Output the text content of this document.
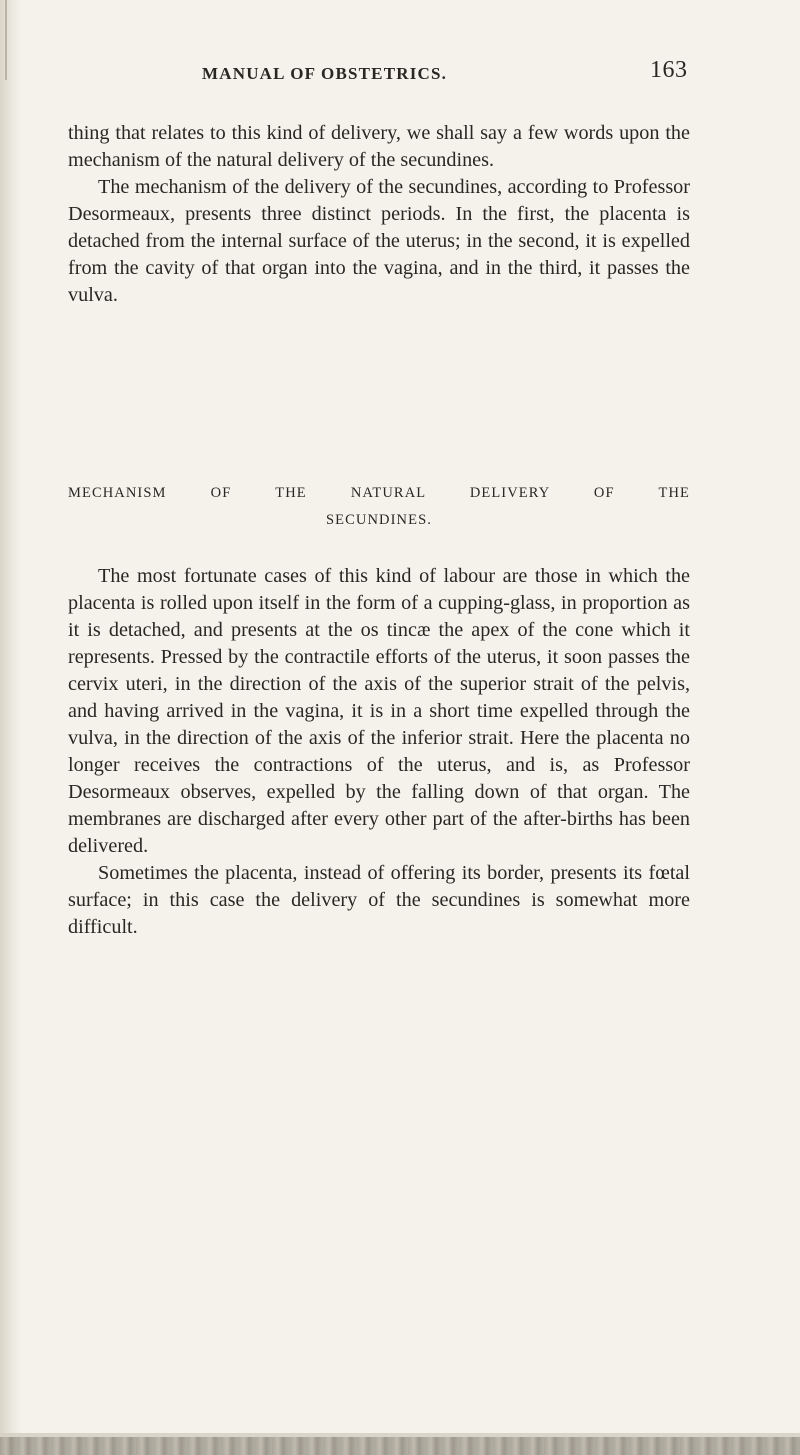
MANUAL OF OBSTETRICS.	163

thing that relates to this kind of delivery, we shall say a few words upon the mechanism of the natural delivery of the secundines.

The mechanism of the delivery of the secundines, according to Professor Desormeaux, presents three distinct periods. In the first, the placenta is detached from the internal surface of the uterus; in the second, it is expelled from the cavity of that organ into the vagina, and in the third, it passes the vulva.

MECHANISM OF THE NATURAL DELIVERY OF THE
SECUNDINES.

The most fortunate cases of this kind of labour are those in which the placenta is rolled upon itself in the form of a cupping-glass, in proportion as it is detached, and presents at the os tincæ the apex of the cone which it represents. Pressed by the contractile efforts of the uterus, it soon passes the cervix uteri, in the direction of the axis of the superior strait of the pelvis, and having arrived in the vagina, it is in a short time expelled through the vulva, in the direction of the axis of the inferior strait. Here the placenta no longer receives the contractions of the uterus, and is, as Professor Desormeaux observes, expelled by the falling down of that organ. The membranes are discharged after every other part of the after-births has been delivered.

Sometimes the placenta, instead of offering its border, presents its fœtal surface; in this case the delivery of the secundines is somewhat more difficult.
